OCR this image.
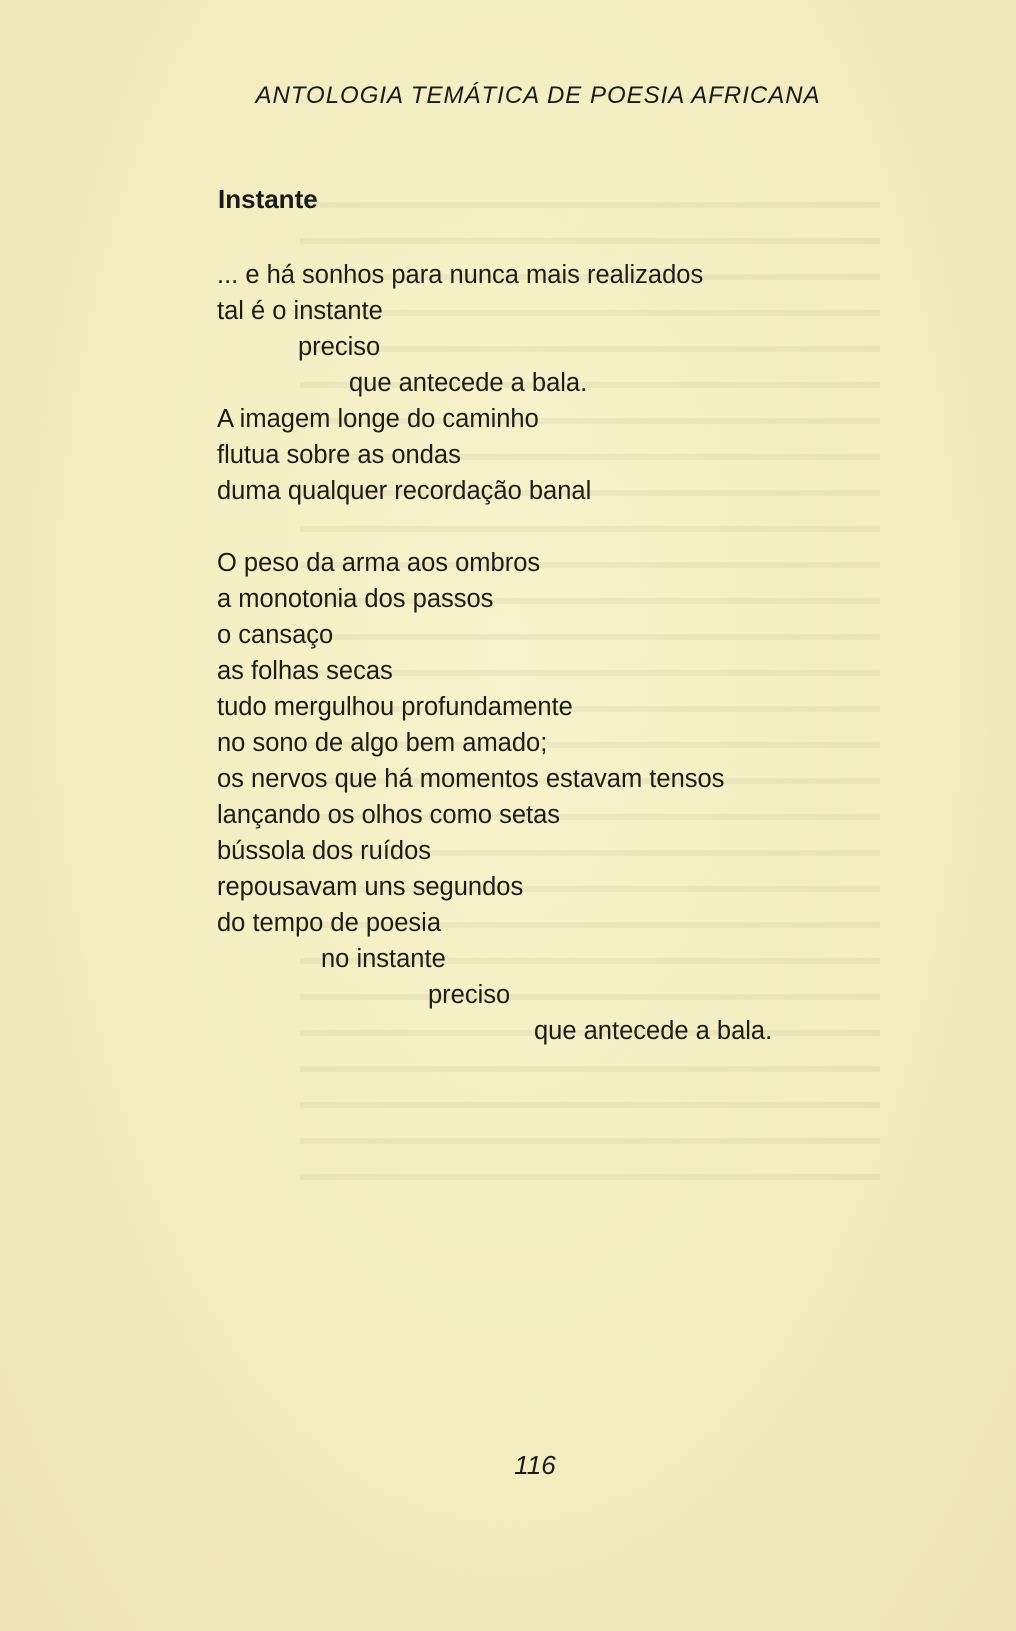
ANTOLOGIA TEMÁTICA DE POESIA AFRICANA
Instante
... e há sonhos para nunca mais realizados
tal é o instante
preciso
que antecede a bala.
A imagem longe do caminho
flutua sobre as ondas
duma qualquer recordação banal
O peso da arma aos ombros
a monotonia dos passos
o cansaço
as folhas secas
tudo mergulhou profundamente
no sono de algo bem amado;
os nervos que há momentos estavam tensos
lançando os olhos como setas
bússola dos ruídos
repousavam uns segundos
do tempo de poesia
no instante
preciso
que antecede a bala.
116
